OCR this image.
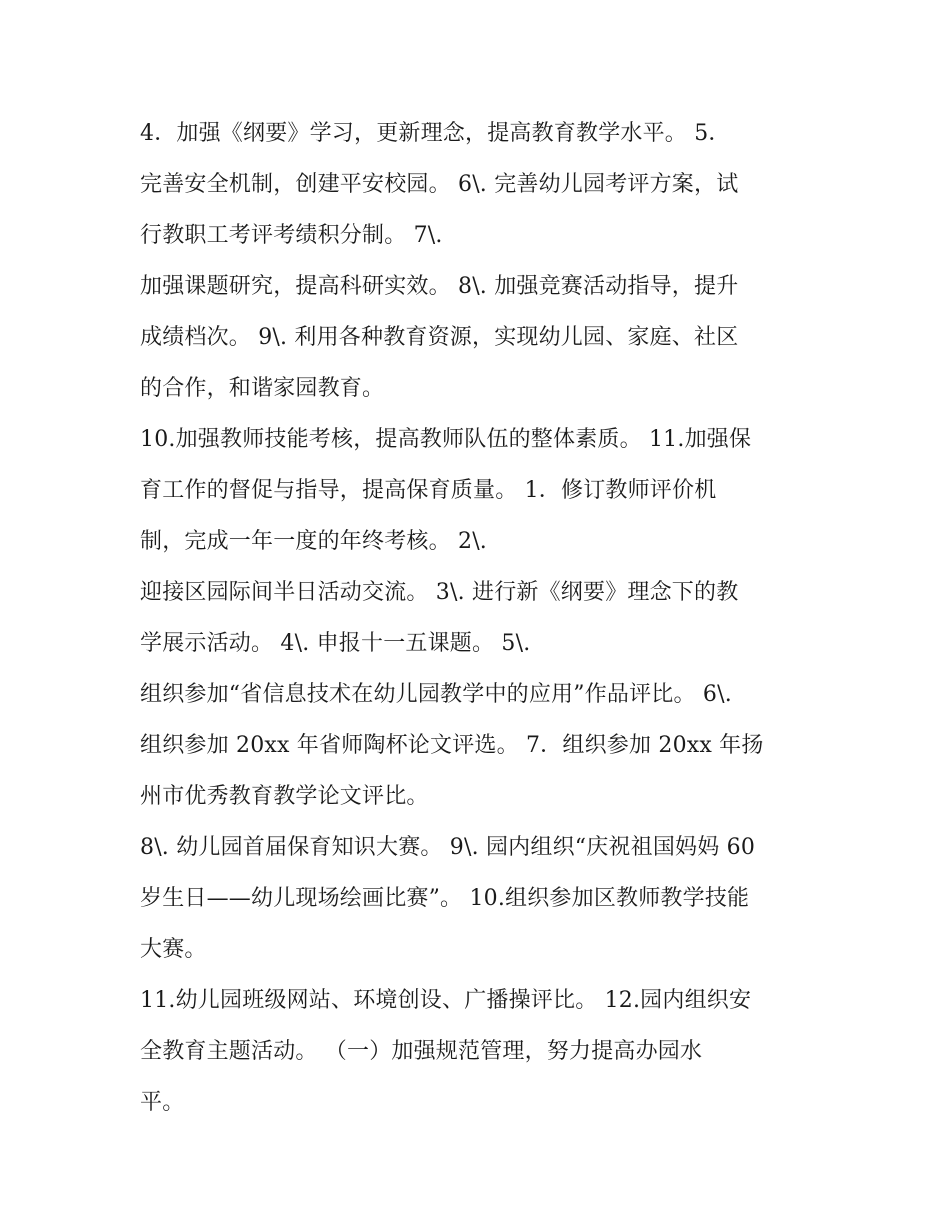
4．加强《纲要》学习，更新理念，提高教育教学水平。 5．
完善安全机制，创建平安校园。 6\. 完善幼儿园考评方案，试
行教职工考评考绩积分制。 7\.
加强课题研究，提高科研实效。 8\. 加强竞赛活动指导，提升
成绩档次。 9\. 利用各种教育资源，实现幼儿园、家庭、社区
的合作，和谐家园教育。
10.加强教师技能考核，提高教师队伍的整体素质。 11.加强保
育工作的督促与指导，提高保育质量。 1．修订教师评价机
制，完成一年一度的年终考核。 2\.
迎接区园际间半日活动交流。 3\. 进行新《纲要》理念下的教
学展示活动。 4\. 申报十一五课题。 5\.
组织参加“省信息技术在幼儿园教学中的应用”作品评比。 6\.
组织参加 20xx 年省师陶杯论文评选。 7．组织参加 20xx 年扬
州市优秀教育教学论文评比。
8\. 幼儿园首届保育知识大赛。 9\. 园内组织“庆祝祖国妈妈 60
岁生日——幼儿现场绘画比赛”。 10.组织参加区教师教学技能
大赛。
11.幼儿园班级网站、环境创设、广播操评比。 12.园内组织安
全教育主题活动。 （一）加强规范管理，努力提高办园水
平。
